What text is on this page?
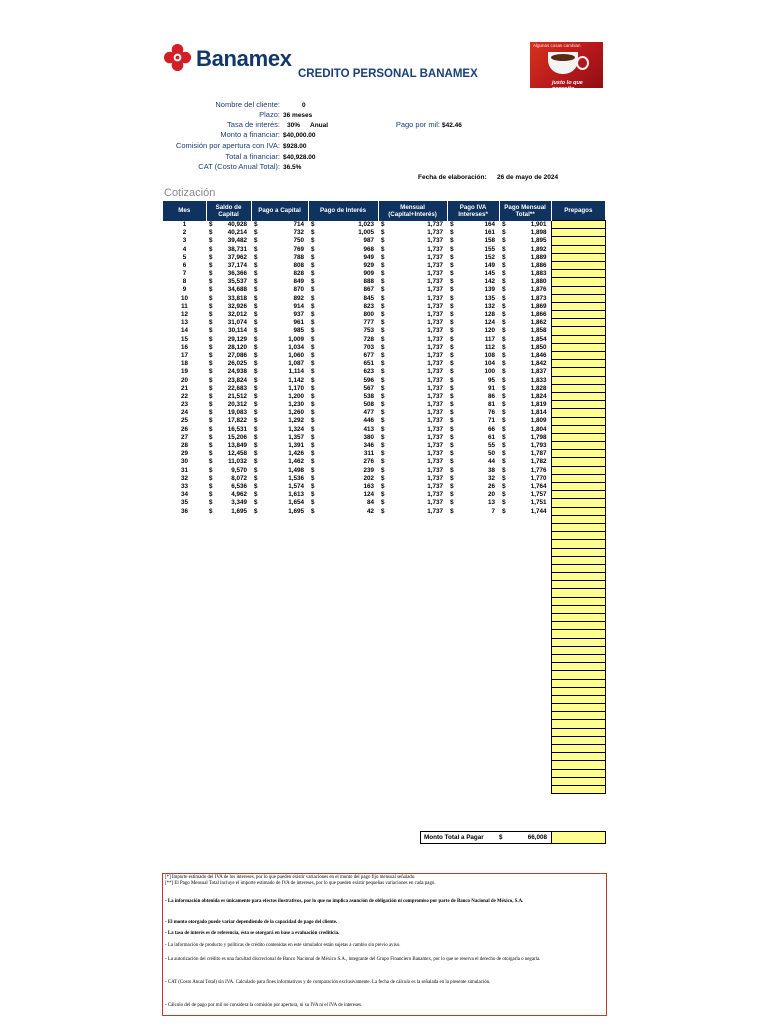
Banamex
CREDITO PERSONAL BANAMEX
Algunas cosas cambian
justo lo que necesito
Nombre del cliente:	0
Plazo: 36 meses
Tasa de interés: 30% Anual	Pago por mil: $42.46
Monto a financiar: $40,000.00
Comisión por apertura con IVA: $928.00
Total a financiar: $40,928.00
CAT (Costo Anual Total): 36.5%
Fecha de elaboración: 26 de mayo de 2024
Cotización
Mes	Saldo de Capital		Pago a Capital		Pago de Interés		Mensual (Capital+Interés)		Pago IVA Intereses*		Pago Mensual Total**		Prepagos
1	$	40,928	$	714	$	1,023	$	1,737	$	164	$	1,901	
2	$	40,214	$	732	$	1,005	$	1,737	$	161	$	1,898	
3	$	39,482	$	750	$	987	$	1,737	$	158	$	1,895	
4	$	38,731	$	769	$	968	$	1,737	$	155	$	1,892	
5	$	37,962	$	788	$	949	$	1,737	$	152	$	1,889	
6	$	37,174	$	808	$	929	$	1,737	$	149	$	1,886	
7	$	36,366	$	828	$	909	$	1,737	$	145	$	1,883	
8	$	35,537	$	849	$	888	$	1,737	$	142	$	1,880	
9	$	34,688	$	870	$	867	$	1,737	$	139	$	1,876	
10	$	33,818	$	892	$	845	$	1,737	$	135	$	1,873	
11	$	32,926	$	914	$	823	$	1,737	$	132	$	1,869	
12	$	32,012	$	937	$	800	$	1,737	$	128	$	1,866	
13	$	31,074	$	961	$	777	$	1,737	$	124	$	1,862	
14	$	30,114	$	985	$	753	$	1,737	$	120	$	1,858	
15	$	29,129	$	1,009	$	728	$	1,737	$	117	$	1,854	
16	$	28,120	$	1,034	$	703	$	1,737	$	112	$	1,850	
17	$	27,086	$	1,060	$	677	$	1,737	$	108	$	1,846	
18	$	26,025	$	1,087	$	651	$	1,737	$	104	$	1,842	
19	$	24,938	$	1,114	$	623	$	1,737	$	100	$	1,837	
20	$	23,824	$	1,142	$	596	$	1,737	$	95	$	1,833	
21	$	22,683	$	1,170	$	567	$	1,737	$	91	$	1,828	
22	$	21,512	$	1,200	$	538	$	1,737	$	86	$	1,824	
23	$	20,312	$	1,230	$	508	$	1,737	$	81	$	1,819	
24	$	19,083	$	1,260	$	477	$	1,737	$	76	$	1,814	
25	$	17,822	$	1,292	$	446	$	1,737	$	71	$	1,809	
26	$	16,531	$	1,324	$	413	$	1,737	$	66	$	1,804	
27	$	15,206	$	1,357	$	380	$	1,737	$	61	$	1,798	
28	$	13,849	$	1,391	$	346	$	1,737	$	55	$	1,793	
29	$	12,458	$	1,426	$	311	$	1,737	$	50	$	1,787	
30	$	11,032	$	1,462	$	276	$	1,737	$	44	$	1,782	
31	$	9,570	$	1,498	$	239	$	1,737	$	38	$	1,776	
32	$	8,072	$	1,536	$	202	$	1,737	$	32	$	1,770	
33	$	6,536	$	1,574	$	163	$	1,737	$	26	$	1,764	
34	$	4,962	$	1,613	$	124	$	1,737	$	20	$	1,757	
35	$	3,349	$	1,654	$	84	$	1,737	$	13	$	1,751	
36	$	1,695	$	1,695	$	42	$	1,737	$	7	$	1,744	

Monto Total a Pagar $	66,008

[*] Importe estimado del IVA de los intereses, por lo que pueden existir variaciones en el monto del pago fijo mensual señalado.

[**] El Pago Mensual Total incluye el importe estimado de IVA de intereses, por lo que pueden existir pequeñas variaciones en cada pago.

- La información obtenida es únicamente para efectos ilustrativos, por lo que no implica asunción de obligación ni compromiso por parte de Banco Nacional de México, S.A.

- El monto otorgado puede variar dependiendo de la capacidad de pago del cliente.

- La tasa de interés es de referencia, ésta se otorgará en base a evaluación crediticia.

- La información de producto y políticas de crédito contenidas en este simulador están sujetas a cambio sin previo aviso.

- La autorización del crédito es una facultad discrecional de Banco Nacional de México S.A., integrante del Grupo Financiero Banamex, por lo que se reserva el derecho de otorgarla o negarla.

- CAT (Costo Anual Total) sin IVA. Calculado para fines informativos y de comparación exclusivamente. La fecha de cálculo es la señalada en la presente simulación.

- Cálculo del de pago por mil no considera la comisión por apertura, ni su IVA ni el IVA de intereses.
